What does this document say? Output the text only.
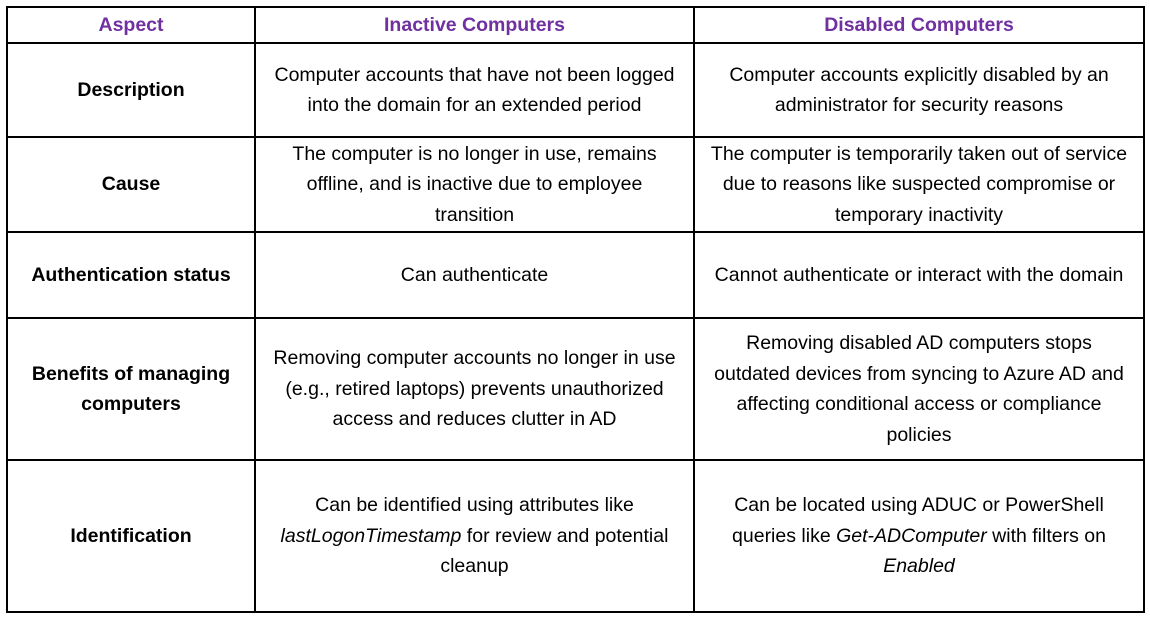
Aspect	Inactive Computers	Disabled Computers
Description	Computer accounts that have not been logged into the domain for an extended period	Computer accounts explicitly disabled by an administrator for security reasons
Cause	The computer is no longer in use, remains offline, and is inactive due to employee transition	The computer is temporarily taken out of service due to reasons like suspected compromise or temporary inactivity
Authentication status	Can authenticate	Cannot authenticate or interact with the domain
Benefits of managing computers	Removing computer accounts no longer in use (e.g., retired laptops) prevents unauthorized access and reduces clutter in AD	Removing disabled AD computers stops outdated devices from syncing to Azure AD and affecting conditional access or compliance policies
Identification	Can be identified using attributes like lastLogonTimestamp for review and potential cleanup	Can be located using ADUC or PowerShell queries like Get-ADComputer with filters on Enabled
